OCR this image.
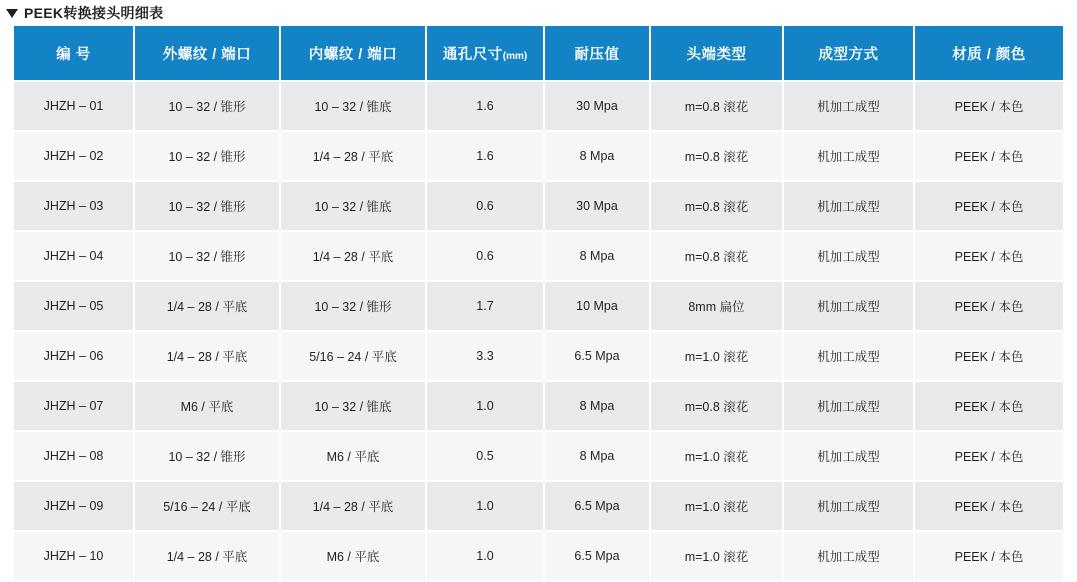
PEEK转换接头明细表
编 号	外螺纹 / 端口	内螺纹 / 端口	通孔尺寸(mm)	耐压值	头端类型	成型方式	材质 / 颜色
JHZH – 01	10 – 32 / 锥形	10 – 32 / 锥底	1.6	30 Mpa	m=0.8 滚花	机加工成型	PEEK / 本色
JHZH – 02	10 – 32 / 锥形	1/4 – 28 / 平底	1.6	8 Mpa	m=0.8 滚花	机加工成型	PEEK / 本色
JHZH – 03	10 – 32 / 锥形	10 – 32 / 锥底	0.6	30 Mpa	m=0.8 滚花	机加工成型	PEEK / 本色
JHZH – 04	10 – 32 / 锥形	1/4 – 28 / 平底	0.6	8 Mpa	m=0.8 滚花	机加工成型	PEEK / 本色
JHZH – 05	1/4 – 28 / 平底	10 – 32 / 锥形	1.7	10 Mpa	8mm 扁位	机加工成型	PEEK / 本色
JHZH – 06	1/4 – 28 / 平底	5/16 – 24 / 平底	3.3	6.5 Mpa	m=1.0 滚花	机加工成型	PEEK / 本色
JHZH – 07	M6 / 平底	10 – 32 / 锥底	1.0	8 Mpa	m=0.8 滚花	机加工成型	PEEK / 本色
JHZH – 08	10 – 32 / 锥形	M6 / 平底	0.5	8 Mpa	m=1.0 滚花	机加工成型	PEEK / 本色
JHZH – 09	5/16 – 24 / 平底	1/4 – 28 / 平底	1.0	6.5 Mpa	m=1.0 滚花	机加工成型	PEEK / 本色
JHZH – 10	1/4 – 28 / 平底	M6 / 平底	1.0	6.5 Mpa	m=1.0 滚花	机加工成型	PEEK / 本色
